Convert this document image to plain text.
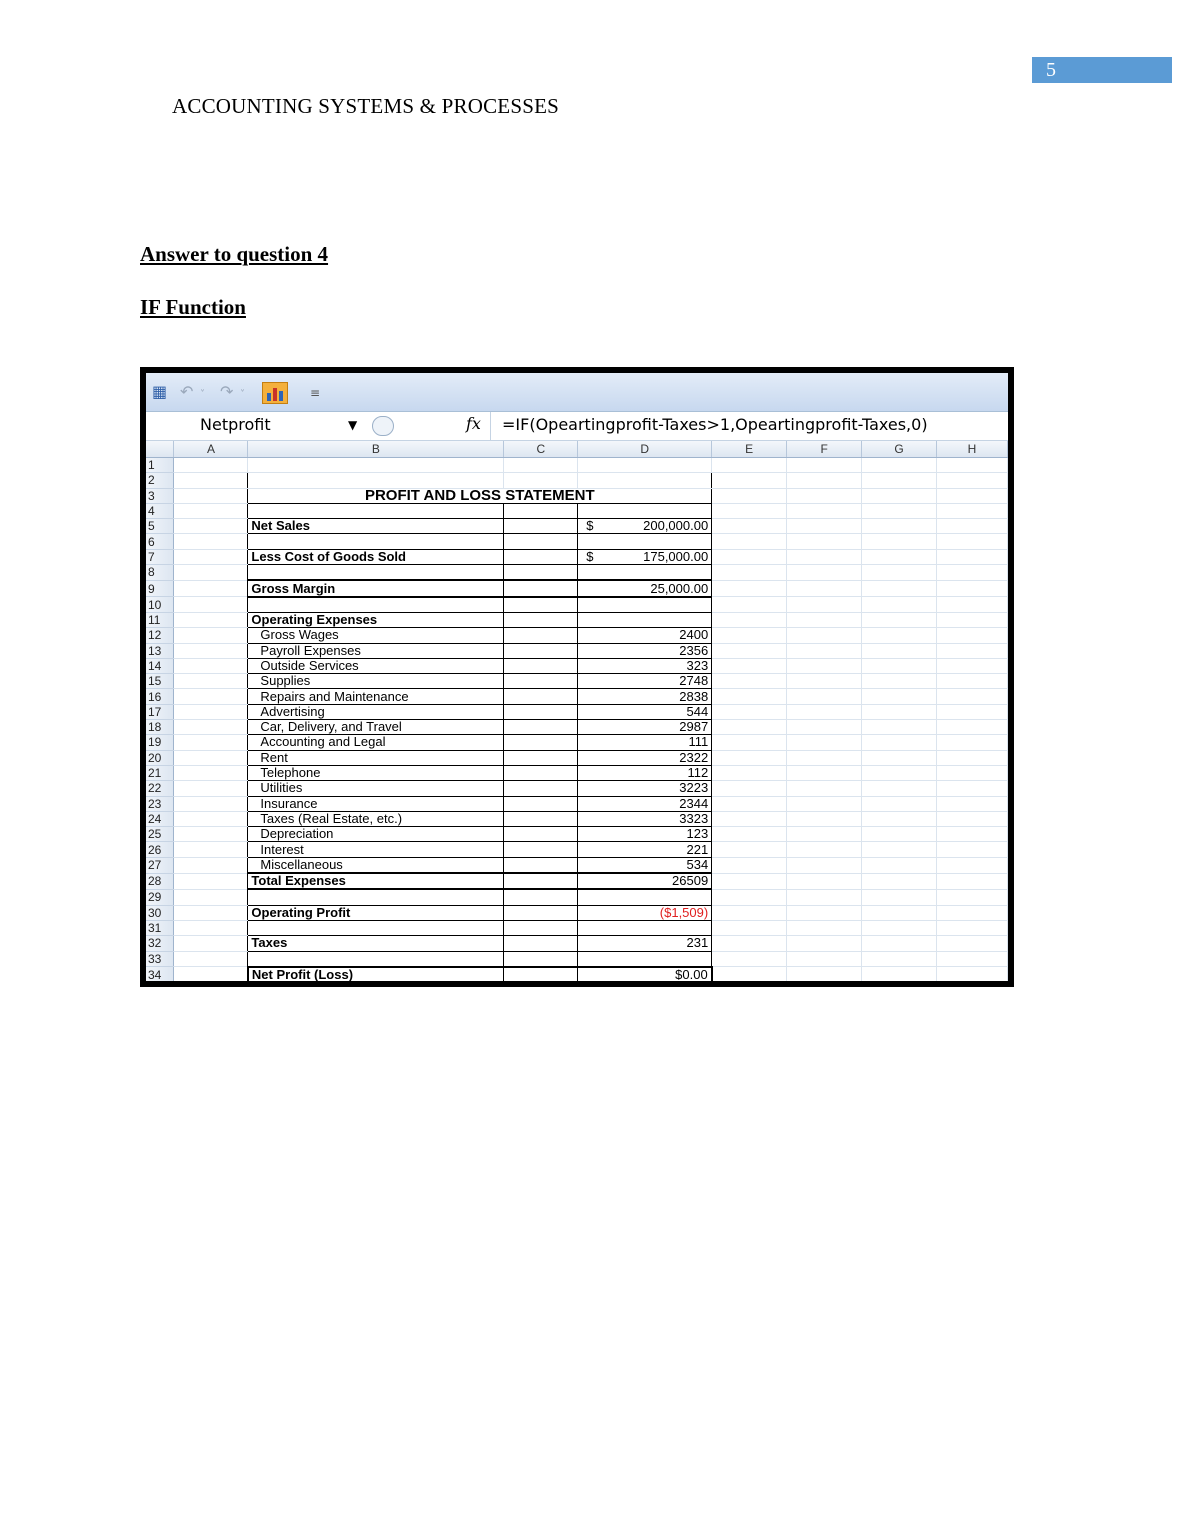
5
ACCOUNTING SYSTEMS & PROCESSES
Answer to question 4
IF Function
▦ ↶ ˅ ↷ ˅	≡
Netprofit	▼	fx =IF(Opeartingprofit-Taxes>1,Opeartingprofit-Taxes,0)
	A	B	C	D	E	F	G	H
1								
2								
3		PROFIT AND LOSS STATEMENT						
4								
5		Net Sales		$ 200,000.00				

6								
7		Less Cost of Goods Sold		$ 175,000.00				

8								
9		Gross Margin		25,000.00				
10								
11		Operating Expenses						
12		Gross Wages		2400				
13		Payroll Expenses		2356				
14		Outside Services		323				
15		Supplies		2748				
16		Repairs and Maintenance		2838				
17		Advertising		544				
18		Car, Delivery, and Travel		2987				
19		Accounting and Legal		111				
20		Rent		2322				
21		Telephone		112				
22		Utilities		3223				
23		Insurance		2344				
24		Taxes (Real Estate, etc.)		3323				
25		Depreciation		123				
26		Interest		221				
27		Miscellaneous		534				
28		Total Expenses		26509				
29								
30		Operating Profit		($1,509)				
31								
32		Taxes		231				
33								
34		Net Profit (Loss)		$0.00				
